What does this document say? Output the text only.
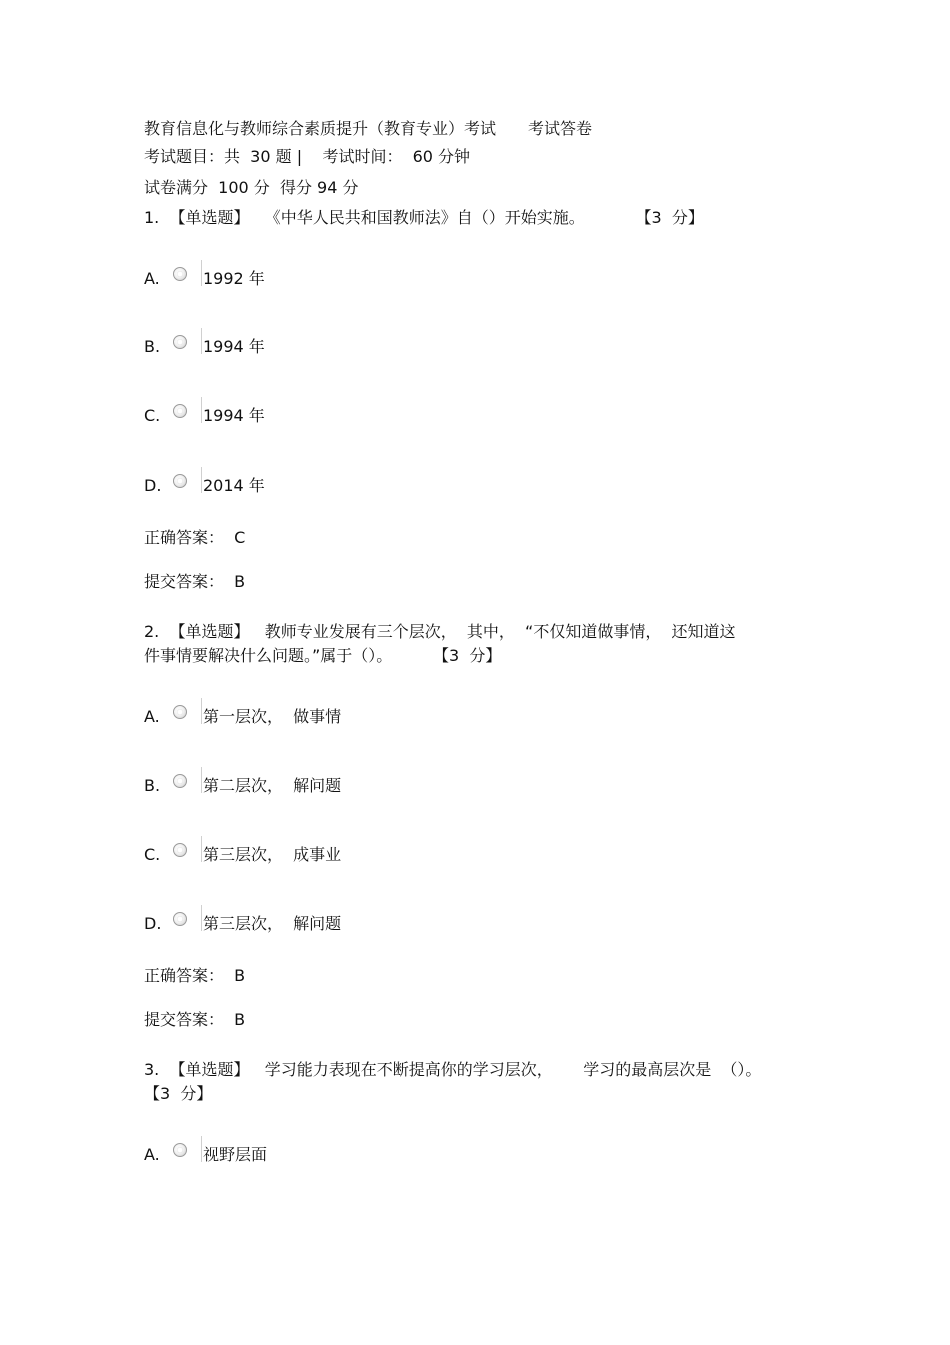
教育信息化与教师综合素质提升（教育专业）考试　　考试答卷
考试题目：共  30 题 |    考试时间：  60 分钟
试卷满分  100 分  得分 94 分
1.  【单选题】   《中华人民共和国教师法》自（）开始实施。          【3  分】
A.	1992 年
B.	1994 年
C.	1994 年
D.	2014 年
正确答案：  C
提交答案：  B
2.  【单选题】   教师专业发展有三个层次，  其中，  “不仅知道做事情，  还知道这
件事情要解决什么问题。”属于（）。        【3  分】
A.	第一层次，  做事情
B.	第二层次，  解问题
C.	第三层次，  成事业
D.	第三层次，  解问题
正确答案：  B
提交答案：  B
3.  【单选题】   学习能力表现在不断提高你的学习层次，      学习的最高层次是  （）。
【3  分】
A.	视野层面
